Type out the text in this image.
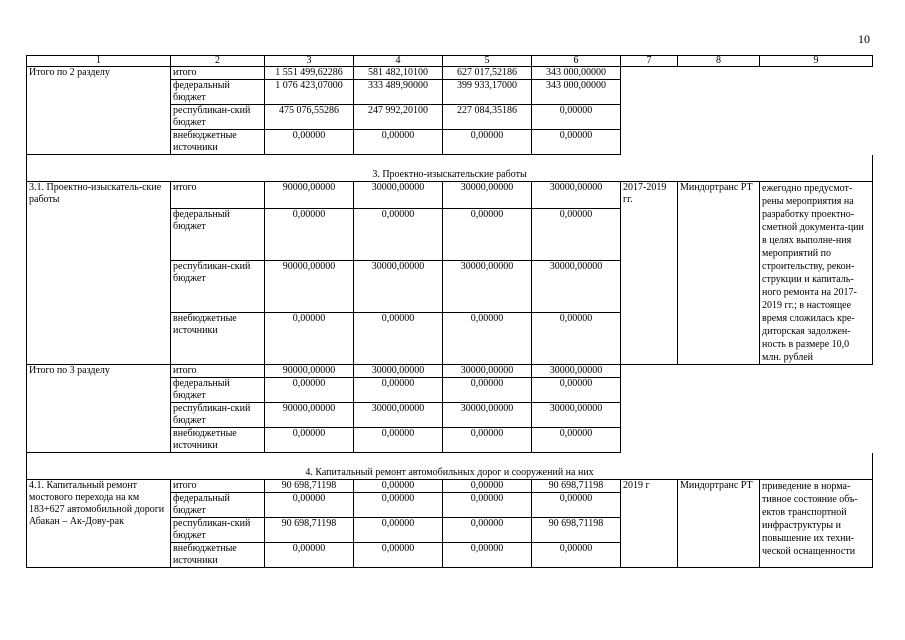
10
1	2	3	4	5	6	7	8	9
Итого по 2 разделу	итого	1 551 499,62286	581 482,10100	627 017,52186	343 000,00000			
	федеральный бюджет	1 076 423,07000	333 489,90000	399 933,17000	343 000,00000			
	республикан-ский бюджет	475 076,55286	247 992,20100	227 084,35186	0,00000			
	внебюджетные источники	0,00000	0,00000	0,00000	0,00000			

3. Проектно-изыскательские работы								
3.1. Проектно-изыскатель-ские работы	итого	90000,00000	30000,00000	30000,00000	30000,00000	2017-2019 гг.	Миндортранс РТ	ежегодно предусмот-рены мероприятия на разработку проектно-сметной документа-ции в целях выполне-ния мероприятий по строительству, рекон-струкции и капиталь-ного ремонта на 2017-2019 гг.; в настоящее время сложилась кре-диторская задолжен-ность в размере 10,0 млн. рублей
	федеральный бюджет	0,00000	0,00000	0,00000	0,00000			
	республикан-ский бюджет	90000,00000	30000,00000	30000,00000	30000,00000			
	внебюджетные источники	0,00000	0,00000	0,00000	0,00000			
Итого по 3 разделу	итого	90000,00000	30000,00000	30000,00000	30000,00000			
	федеральный бюджет	0,00000	0,00000	0,00000	0,00000			
	республикан-ский бюджет	90000,00000	30000,00000	30000,00000	30000,00000			
	внебюджетные источники	0,00000	0,00000	0,00000	0,00000			

4. Капитальный ремонт автомобильных дорог и сооружений на них								
4.1. Капитальный ремонт мостового перехода на км 183+627 автомобильной дороги Абакан – Ак-Дову-рак	итого	90 698,71198	0,00000	0,00000	90 698,71198	2019 г	Миндортранс РТ	приведение в норма-тивное состояние объ-ектов транспортной инфраструктуры и повышение их техни-ческой оснащенности
	федеральный бюджет	0,00000	0,00000	0,00000	0,00000			
	республикан-ский бюджет	90 698,71198	0,00000	0,00000	90 698,71198			
	внебюджетные источники	0,00000	0,00000	0,00000	0,00000			
